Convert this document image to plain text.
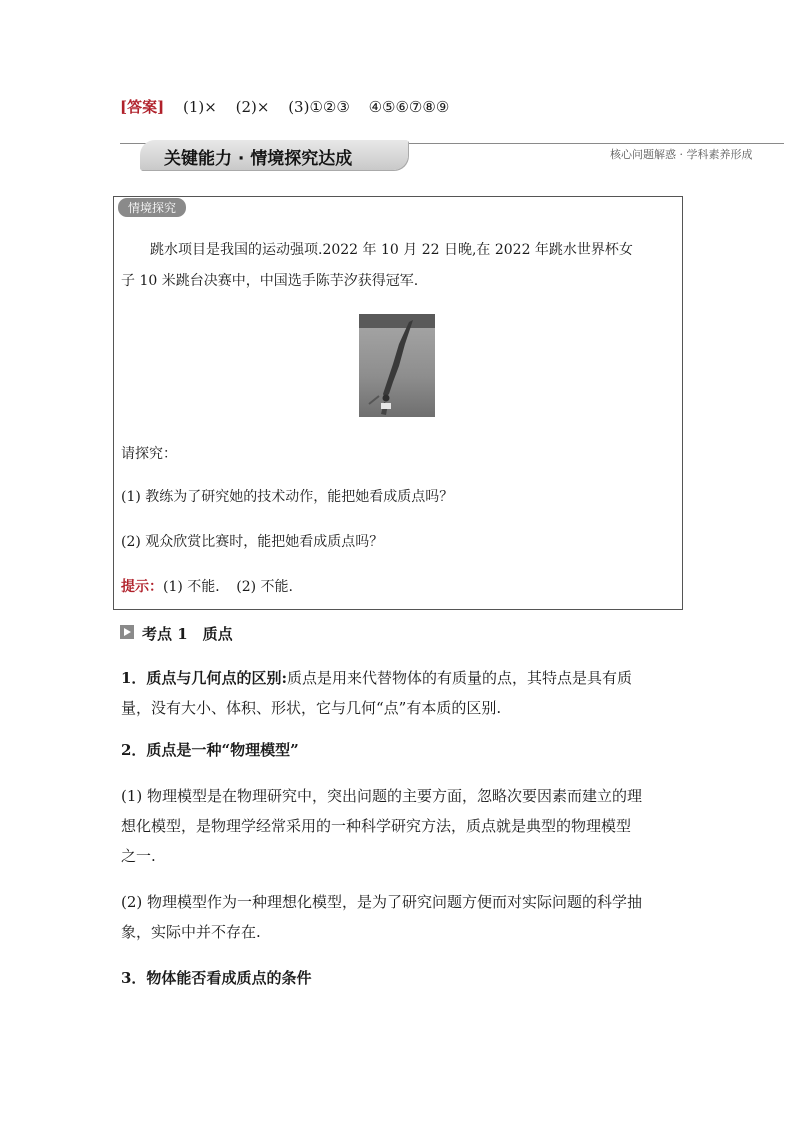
[答案] (1)× (2)× (3)①②③ ④⑤⑥⑦⑧⑨
关键能力 · 情境探究达成	核心问题解惑 · 学科素养形成
情境探究
跳水项目是我国的运动强项.2022 年 10 月 22 日晚,在 2022 年跳水世界杯女
子 10 米跳台决赛中，中国选手陈芋汐获得冠军.
请探究：
(1) 教练为了研究她的技术动作，能把她看成质点吗？
(2) 观众欣赏比赛时，能把她看成质点吗？
提示：(1) 不能．　(2) 不能.
考点 1　质点
1．质点与几何点的区别:质点是用来代替物体的有质量的点，其特点是具有质
量，没有大小、体积、形状，它与几何“点”有本质的区别.
2．质点是一种“物理模型”
(1) 物理模型是在物理研究中，突出问题的主要方面，忽略次要因素而建立的理
想化模型，是物理学经常采用的一种科学研究方法，质点就是典型的物理模型
之一.
(2) 物理模型作为一种理想化模型，是为了研究问题方便而对实际问题的科学抽
象，实际中并不存在.
3．物体能否看成质点的条件
